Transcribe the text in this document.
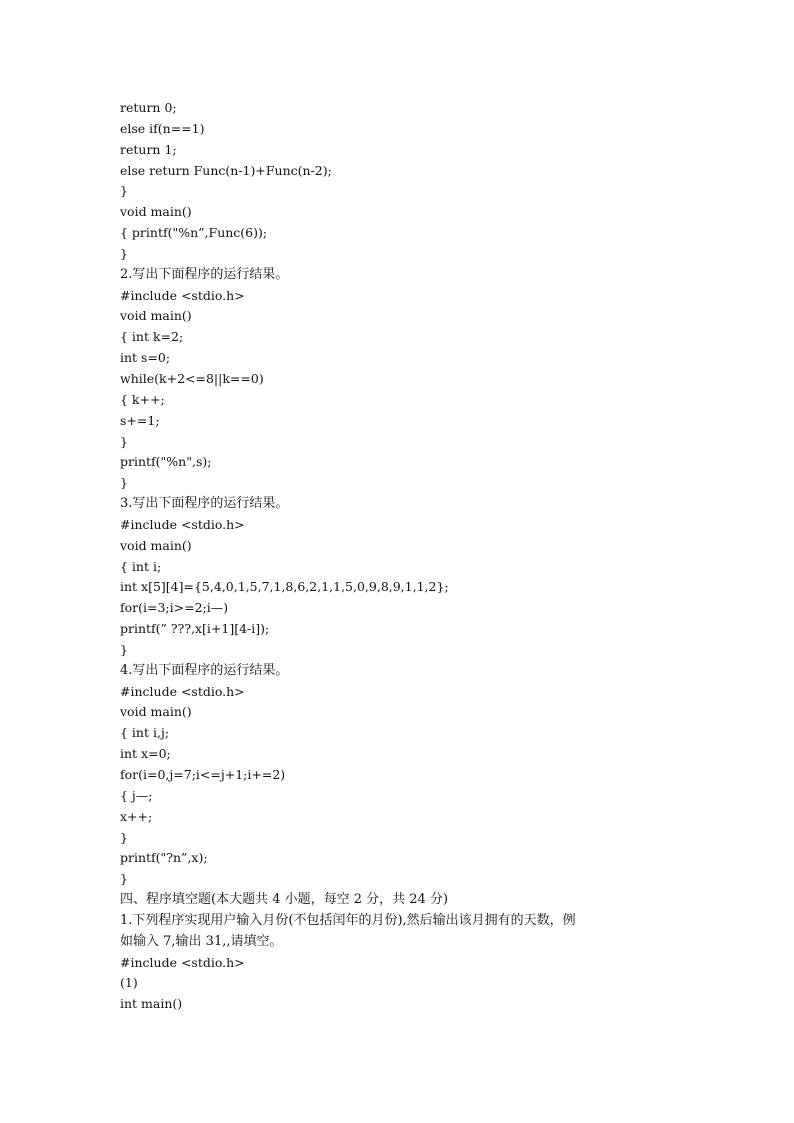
return 0;
else if(n==1)
return 1;
else return Func(n-1)+Func(n-2);
}
void main()
{ printf("%n”,Func(6));
}
2.写出下面程序的运行结果。
#include <stdio.h>
void main()
{ int k=2;
int s=0;
while(k+2<=8||k==0)
{ k++;
s+=1;
}
printf("%n",s);
}
3.写出下面程序的运行结果。
#include <stdio.h>
void main()
{ int i;
int x[5][4]={5,4,0,1,5,7,1,8,6,2,1,1,5,0,9,8,9,1,1,2};
for(i=3;i>=2;i—)
printf(” ???,x[i+1][4-i]);
}
4.写出下面程序的运行结果。
#include <stdio.h>
void main()
{ int i,j;
int x=0;
for(i=0,j=7;i<=j+1;i+=2)
{ j—;
x++;
}
printf("?n”,x);
}
四、程序填空题(本大题共 4 小题，每空 2 分，共 24 分)
1.下列程序实现用户输入月份(不包括闰年的月份),然后输出该月拥有的天数，例
如输入 7,输出 31,,请填空。
#include <stdio.h>
(1)
int main()
